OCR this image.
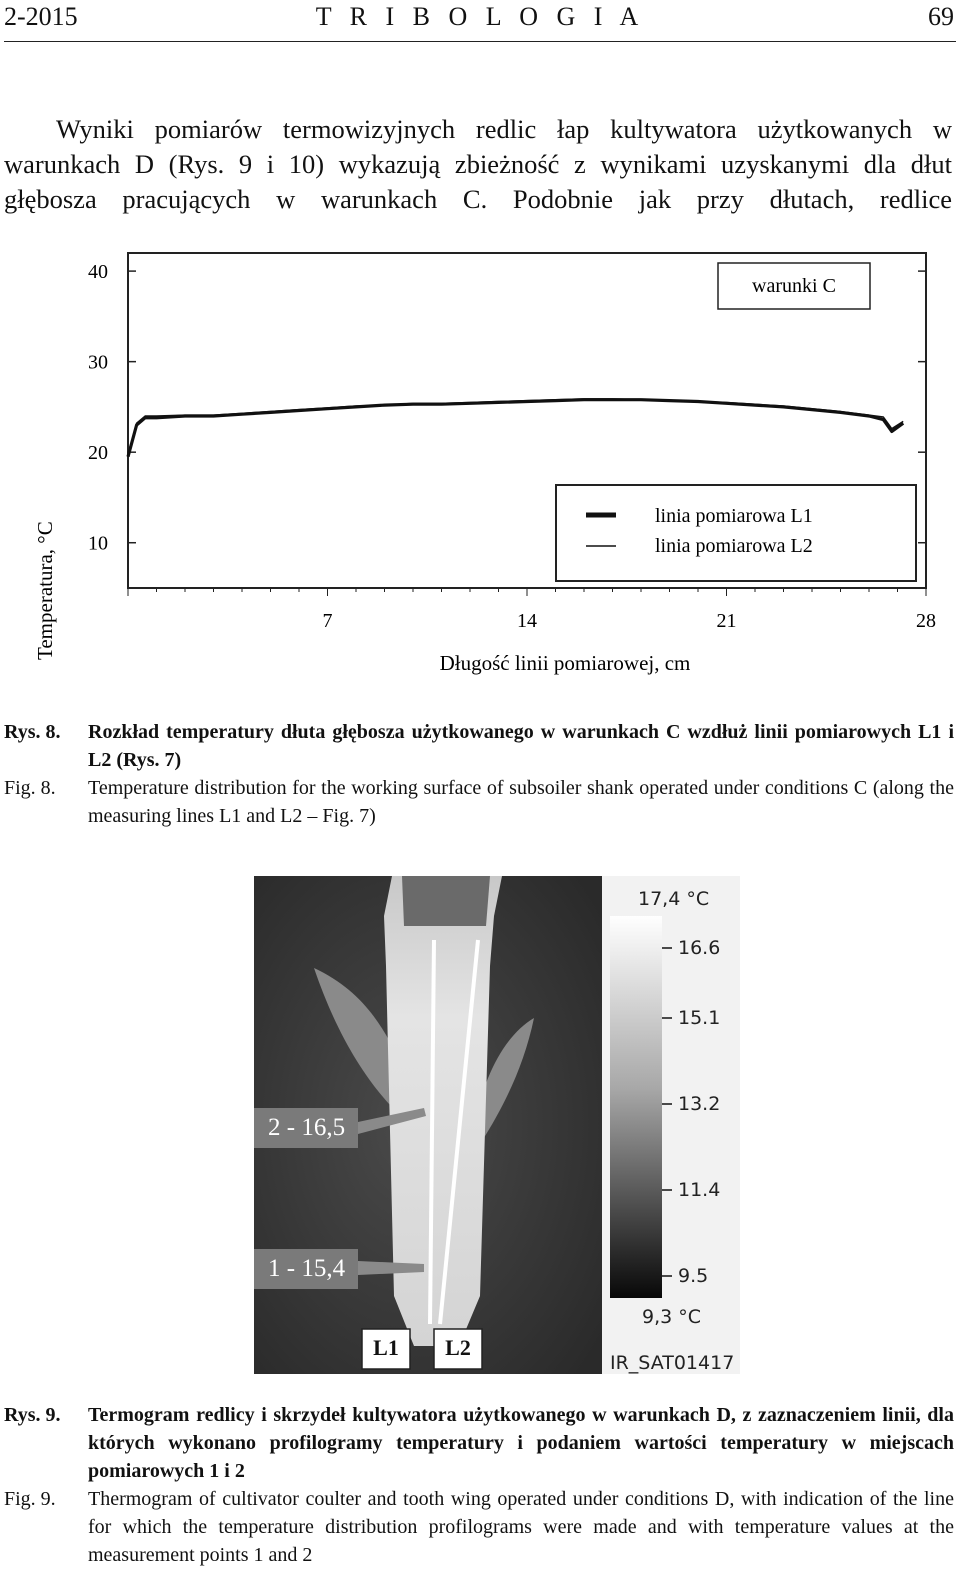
2-2015	T R I B O L O G I A	69

Wyniki pomiarów termowizyjnych redlic łap kultywatora użytkowanych w warunkach D (Rys. 9 i 10) wykazują zbieżność z wynikami uzyskanymi dla dłut głębosza pracujących w warunkach C. Podobnie jak przy dłutach, redlice

40
30
20
10
7	14	21	28
warunki C
linia pomiarowa L1
linia pomiarowa L2
Temperatura, °C
Długość linii pomiarowej, cm
Rys. 8. Rozkład temperatury dłuta głębosza użytkowanego w warunkach C wzdłuż linii pomiarowych L1 i L2 (Rys. 7)
Fig. 8. Temperature distribution for the working surface of subsoiler shank operated under conditions C (along the measuring lines L1 and L2 – Fig. 7)
17,4 °C
16.6
15.1
13.2
11.4
9.5
9,3 °C
IR_SAT01417
2 - 16,5
1 - 15,4
L1	L2
Rys. 9. Termogram redlicy i skrzydeł kultywatora użytkowanego w warunkach D, z zaznaczeniem linii, dla których wykonano profilogramy temperatury i podaniem wartości temperatury w miejscach pomiarowych 1 i 2
Fig. 9. Thermogram of cultivator coulter and tooth wing operated under conditions D, with indication of the line for which the temperature distribution profilograms were made and with temperature values at the measurement points 1 and 2
